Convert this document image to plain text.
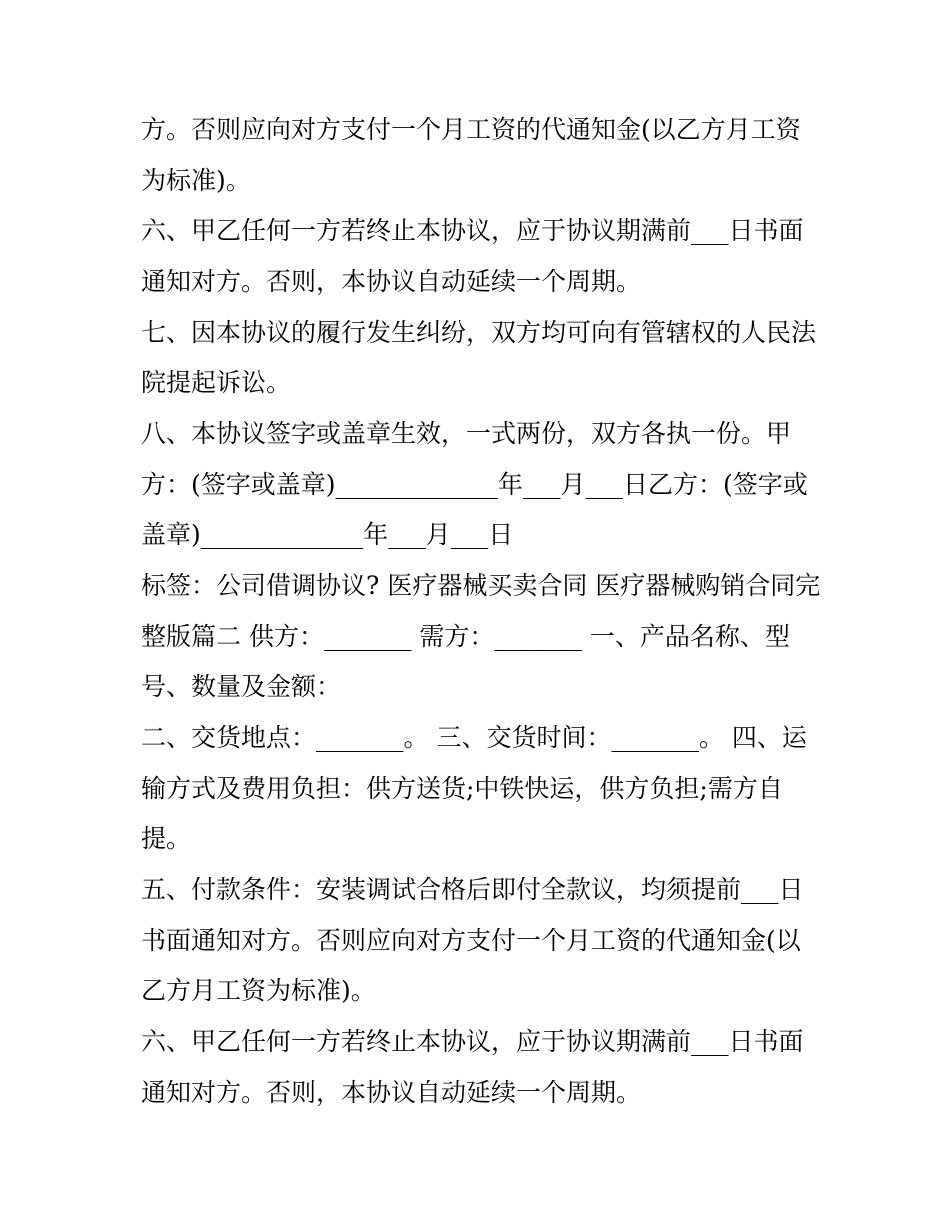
方。否则应向对方支付一个月工资的代通知金(以乙方月工资
为标准)。
六、甲乙任何一方若终止本协议，应于协议期满前___日书面
通知对方。否则，本协议自动延续一个周期。
七、因本协议的履行发生纠纷，双方均可向有管辖权的人民法
院提起诉讼。
八、本协议签字或盖章生效，一式两份，双方各执一份。甲
方：(签字或盖章)_____________年___月___日乙方：(签字或
盖章)_____________年___月___日
标签：公司借调协议? 医疗器械买卖合同 医疗器械购销合同完
整版篇二 供方：_______ 需方：_______ 一、产品名称、型
号、数量及金额：
二、交货地点：_______。 三、交货时间：_______。 四、运
输方式及费用负担：供方送货;中铁快运，供方负担;需方自
提。
五、付款条件：安装调试合格后即付全款议，均须提前___日
书面通知对方。否则应向对方支付一个月工资的代通知金(以
乙方月工资为标准)。
六、甲乙任何一方若终止本协议，应于协议期满前___日书面
通知对方。否则，本协议自动延续一个周期。
